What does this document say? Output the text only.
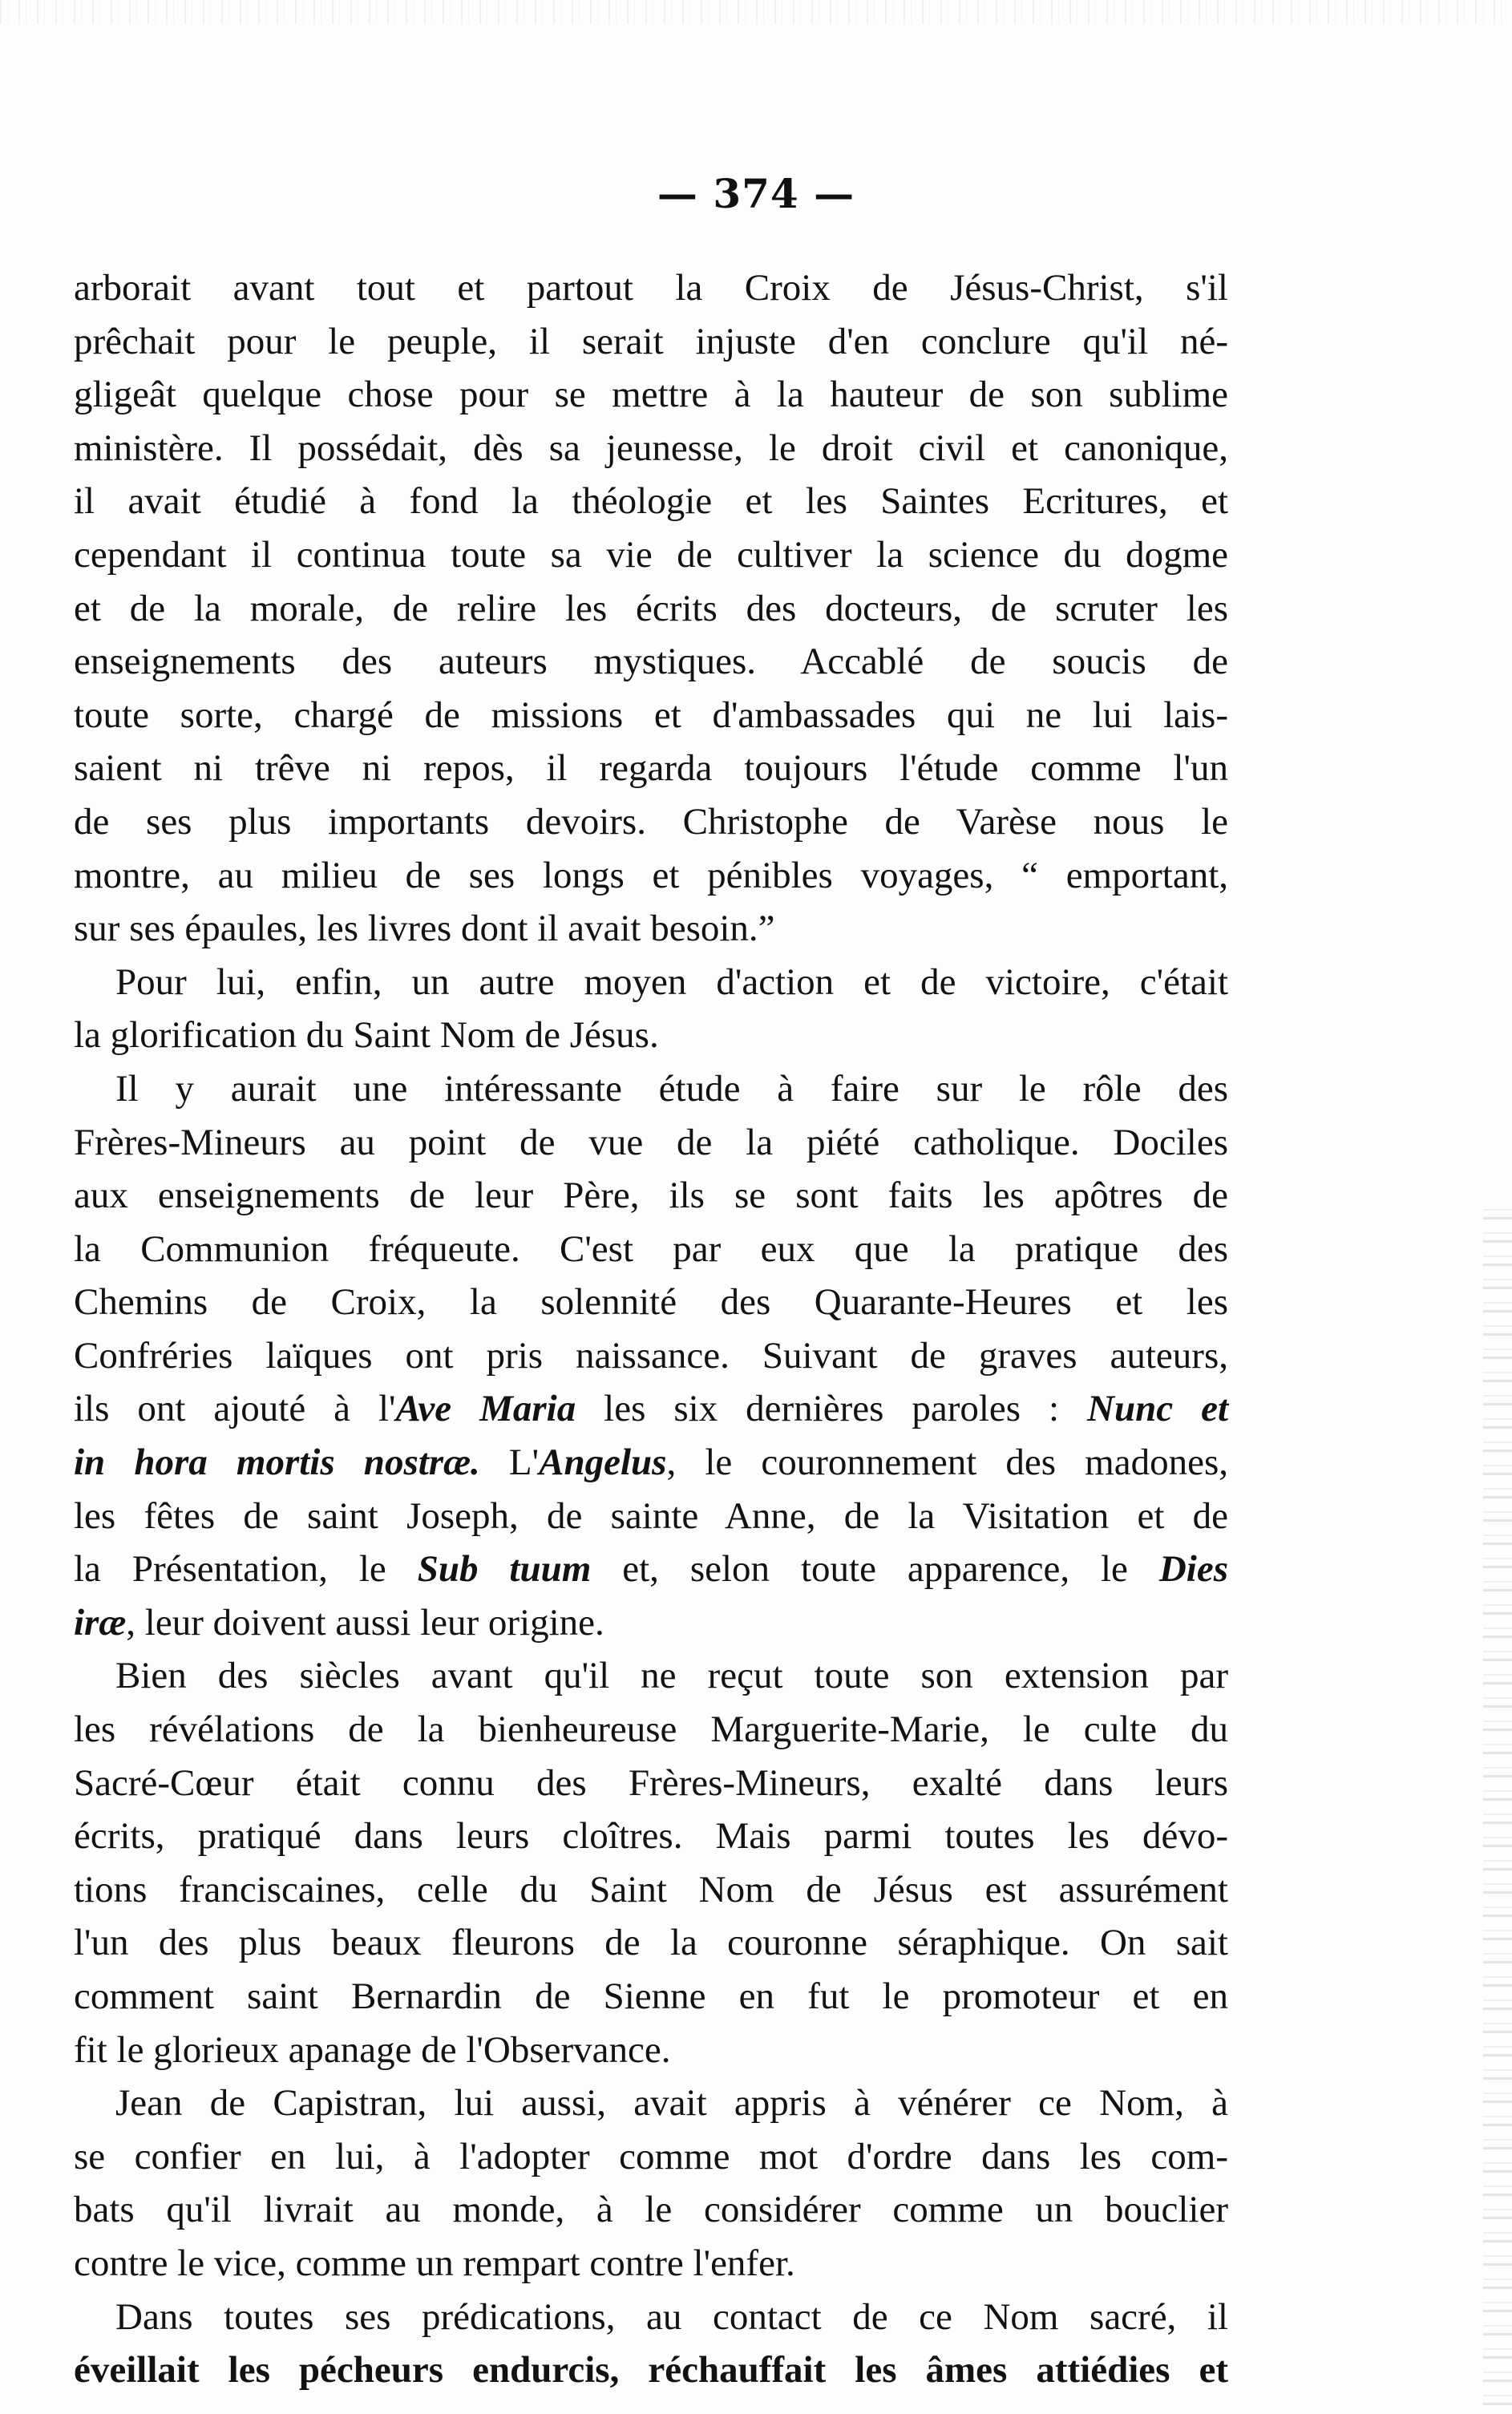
— 374 —
arborait avant tout et partout la Croix de Jésus-Christ, s'il
prêchait pour le peuple, il serait injuste d'en conclure qu'il né-
gligeât quelque chose pour se mettre à la hauteur de son sublime
ministère. Il possédait, dès sa jeunesse, le droit civil et canonique,
il avait étudié à fond la théologie et les Saintes Ecritures, et
cependant il continua toute sa vie de cultiver la science du dogme
et de la morale, de relire les écrits des docteurs, de scruter les
enseignements des auteurs mystiques. Accablé de soucis de
toute sorte, chargé de missions et d'ambassades qui ne lui lais-
saient ni trêve ni repos, il regarda toujours l'étude comme l'un
de ses plus importants devoirs. Christophe de Varèse nous le
montre, au milieu de ses longs et pénibles voyages, “ emportant,
sur ses épaules, les livres dont il avait besoin.”
Pour lui, enfin, un autre moyen d'action et de victoire, c'était
la glorification du Saint Nom de Jésus.
Il y aurait une intéressante étude à faire sur le rôle des
Frères-Mineurs au point de vue de la piété catholique. Dociles
aux enseignements de leur Père, ils se sont faits les apôtres de
la Communion fréqueute. C'est par eux que la pratique des
Chemins de Croix, la solennité des Quarante-Heures et les
Confréries laïques ont pris naissance. Suivant de graves auteurs,
ils ont ajouté à l'Ave Maria les six dernières paroles : Nunc et
in hora mortis nostræ. L'Angelus, le couronnement des madones,
les fêtes de saint Joseph, de sainte Anne, de la Visitation et de
la Présentation, le Sub tuum et, selon toute apparence, le Dies
iræ, leur doivent aussi leur origine.
Bien des siècles avant qu'il ne reçut toute son extension par
les révélations de la bienheureuse Marguerite-Marie, le culte du
Sacré-Cœur était connu des Frères-Mineurs, exalté dans leurs
écrits, pratiqué dans leurs cloîtres. Mais parmi toutes les dévo-
tions franciscaines, celle du Saint Nom de Jésus est assurément
l'un des plus beaux fleurons de la couronne séraphique. On sait
comment saint Bernardin de Sienne en fut le promoteur et en
fit le glorieux apanage de l'Observance.
Jean de Capistran, lui aussi, avait appris à vénérer ce Nom, à
se confier en lui, à l'adopter comme mot d'ordre dans les com-
bats qu'il livrait au monde, à le considérer comme un bouclier
contre le vice, comme un rempart contre l'enfer.
Dans toutes ses prédications, au contact de ce Nom sacré, il
éveillait les pécheurs endurcis, réchauffait les âmes attiédies et
